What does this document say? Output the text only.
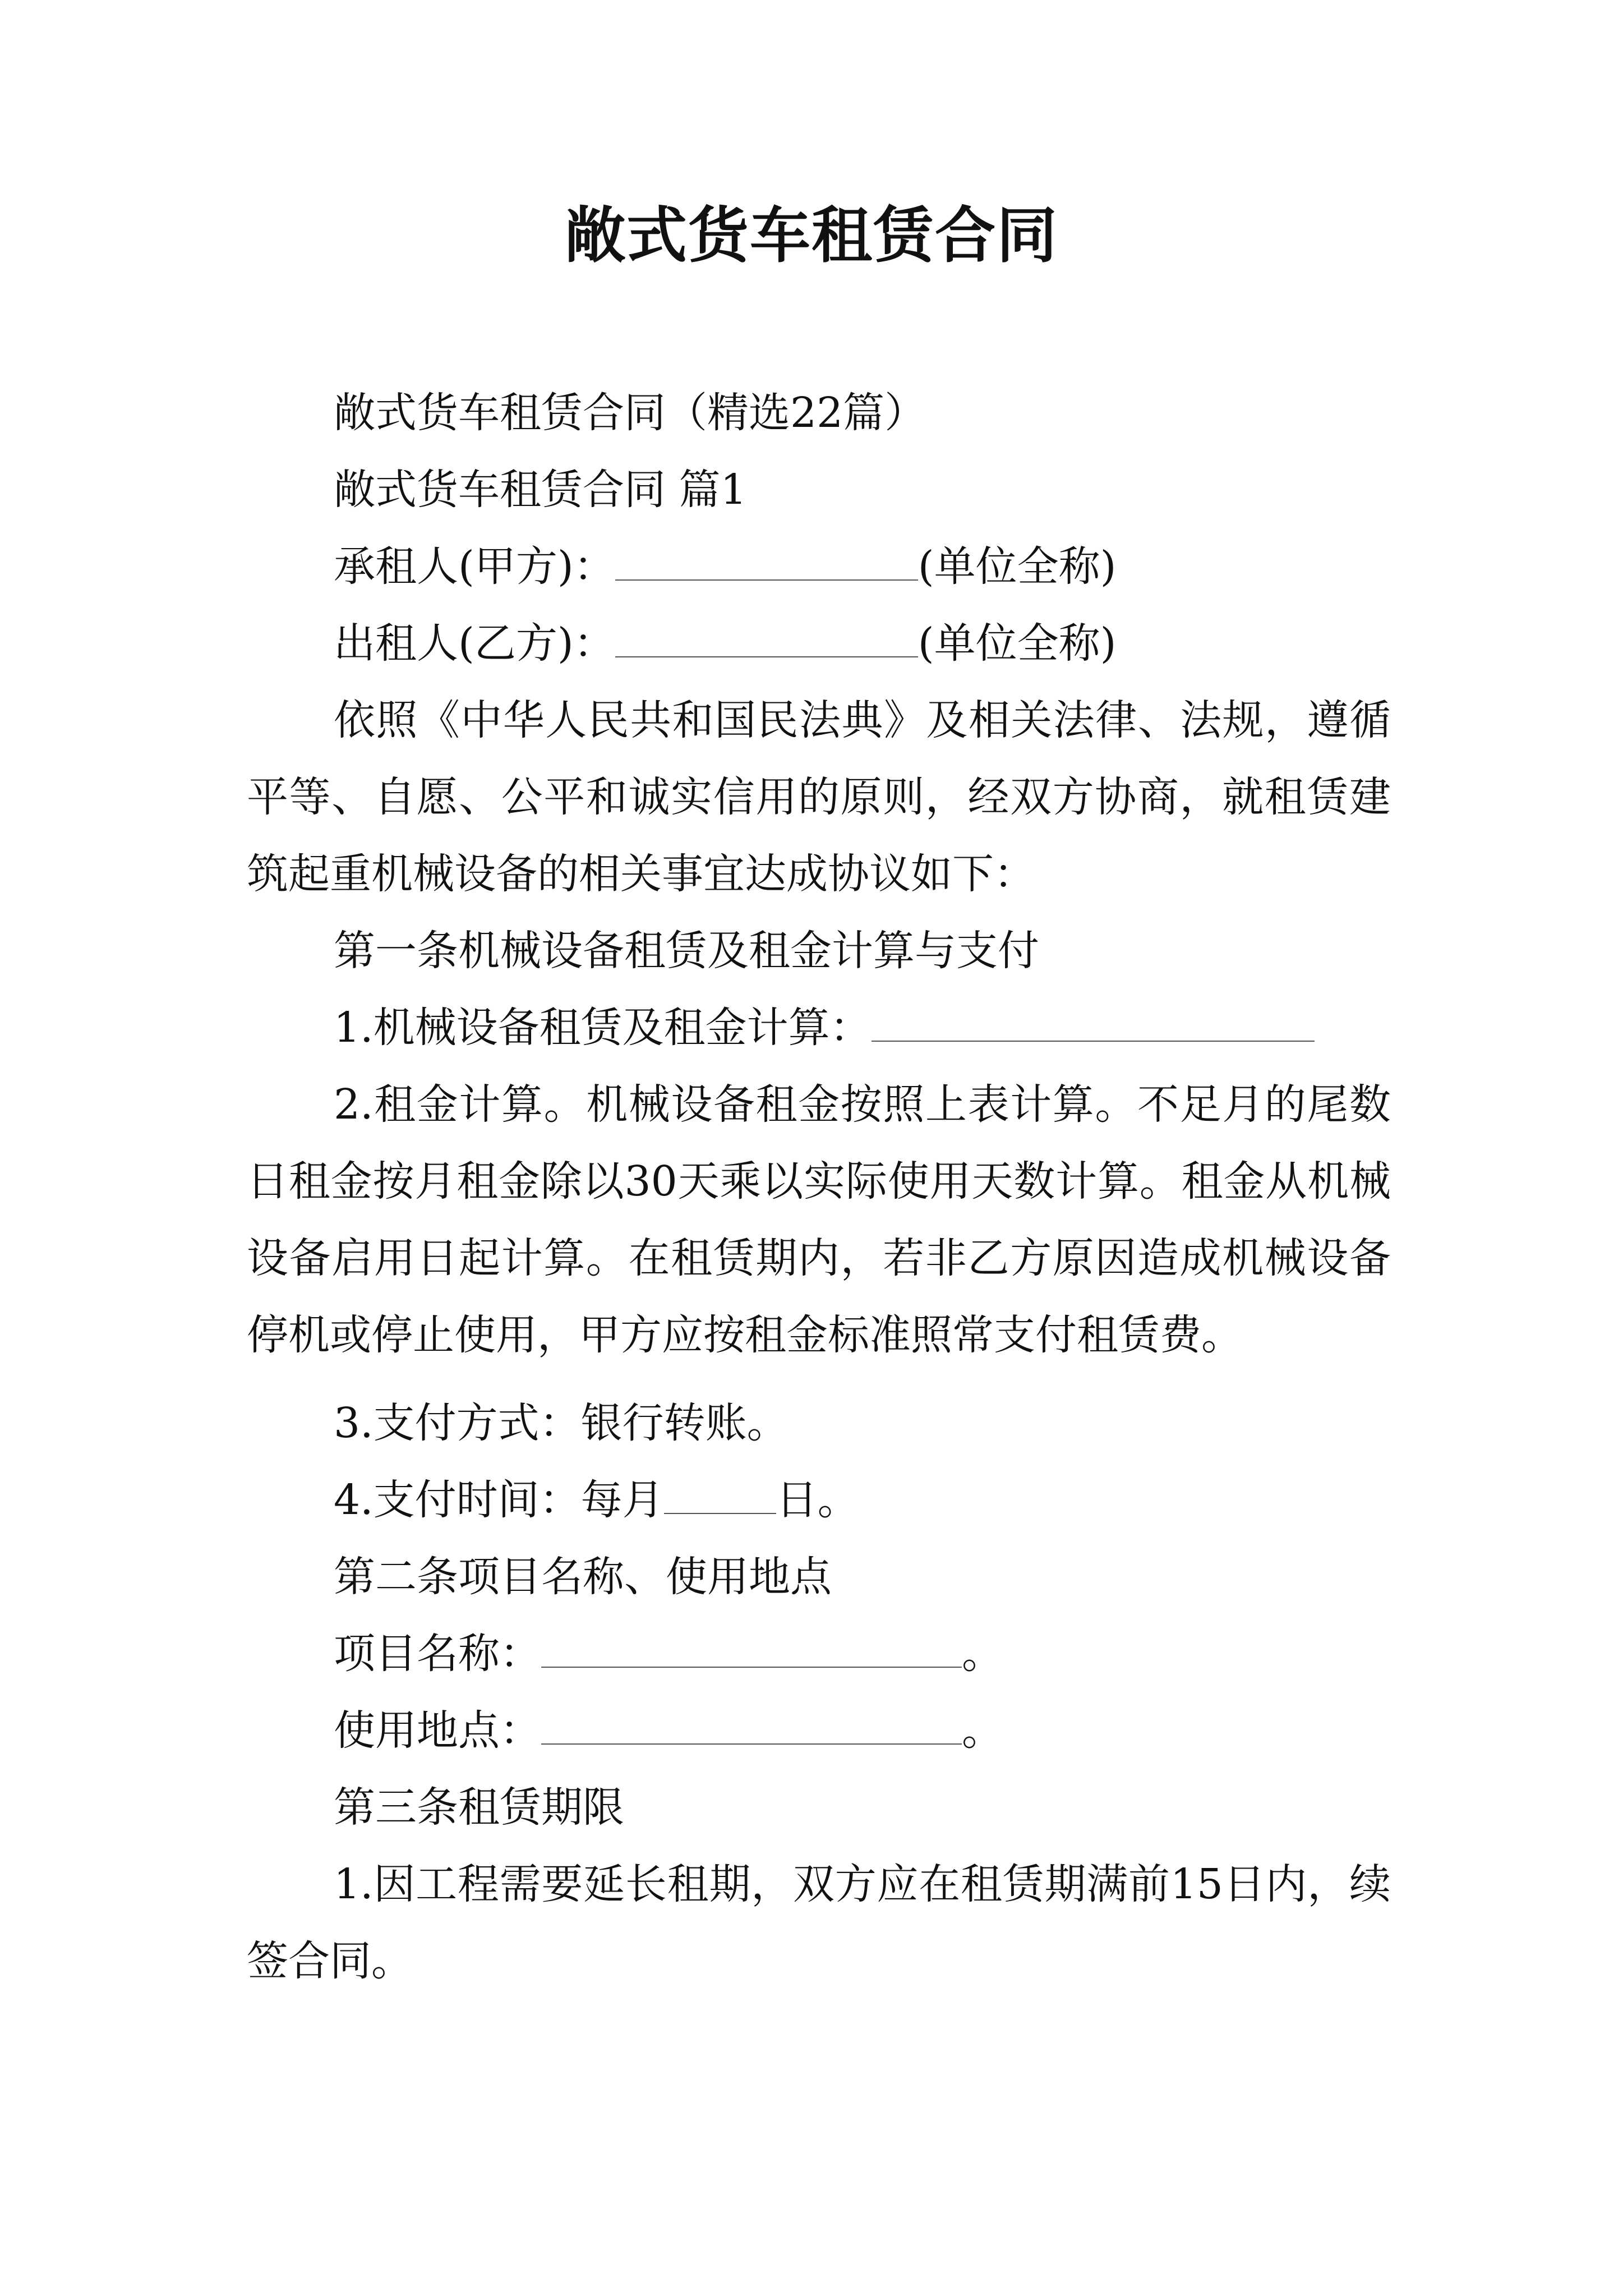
敞式货车租赁合同

敞式货车租赁合同（精选22篇）

敞式货车租赁合同 篇1

承租人(甲方)：	(单位全称)

出租人(乙方)：	(单位全称)

依照《中华人民共和国民法典》及相关法律、法规，遵循平等、自愿、公平和诚实信用的原则，经双方协商，就租赁建筑起重机械设备的相关事宜达成协议如下：

第一条机械设备租赁及租金计算与支付

1.机械设备租赁及租金计算：

2.租金计算。机械设备租金按照上表计算。不足月的尾数日租金按月租金除以30天乘以实际使用天数计算。租金从机械设备启用日起计算。在租赁期内，若非乙方原因造成机械设备停机或停止使用，甲方应按租金标准照常支付租赁费。

3.支付方式：银行转账。

4.支付时间：每月	日。

第二条项目名称、使用地点

项目名称：	。

使用地点：	。

第三条租赁期限

1.因工程需要延长租期，双方应在租赁期满前15日内，续签合同。
